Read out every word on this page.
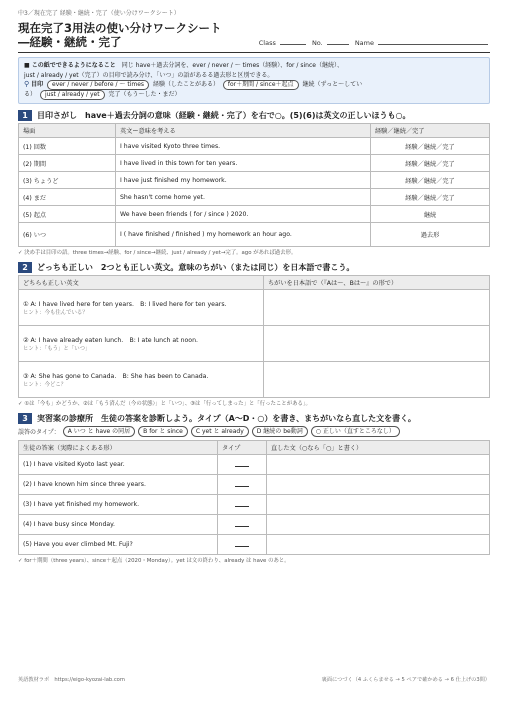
中3／現在完了 経験・継続・完了（使い分けワークシート）
現在完了3用法の使い分けワークシート
―経験・継続・完了	Class	No.	Name
■ この紙でできるようになること　 同じ have＋過去分詞を、ever / never / ～ times（経験）、for / since（継続）、
just / already / yet（完了）の目印で読み分け、「いつ」の語があるる過去形と区別できる。
⚲ 目印 ever / never / before / ～ times 経験（したことがある） for＋期間 / since＋起点 継続（ずっと～してい
る） just / already / yet 完了（もう～した・まだ）
1	目印さがし　have＋過去分詞の意味（経験・継続・完了）を右で○。(5)(6)は英文の正しいほうも○。
場面	英文ー意味を考える	経験／継続／完了
(1) 回数	I have visited Kyoto three times.	経験／継続／完了
(2) 期間	I have lived in this town for ten years.	経験／継続／完了
(3) ちょうど	I have just finished my homework.	経験／継続／完了
(4) まだ	She hasn't come home yet.	経験／継続／完了
(5) 起点	We have been friends ( for / since ) 2020.	継続
(6) いつ	I ( have finished / finished ) my homework an hour ago.	過去形
✓ 決め手は目印の語。three times→経験、for / since→継続、just / already / yet→完了。ago があれば過去形。
2	どっちも正しい　2つとも正しい英文。意味のちがい（または同じ）を日本語で書こう。
どちらも正しい英文	ちがいを日本語で（『Aは～、Bは～』の形で）

① A: I have lived here for ten years.　B: I lived here for ten years.
ヒント：今も住んでいる？	

② A: I have already eaten lunch.　B: I ate lunch at noon.
ヒント：「もう」と「いつ」	

③ A: She has gone to Canada.　B: She has been to Canada.
ヒント：今どこ？	

✓ ①は「今も」かどうか、②は「もう済んだ（今の状態）」と「いつ」、③は「行ってしまった」と「行ったことがある」。
3	実習案の診療所　生徒の答案を診断しよう。タイプ（A～D・○）を書き、まちがいなら直した文を書く。
誤答のタイプ：	A いつ と have の同居	B for と since	C yet と already	D 継続の be動詞	○ 正しい（直すところなし）
生徒の答案（実際によくある形）	タイプ	直した文（○なら「○」と書く）
(1) I have visited Kyoto last year.		
(2) I have known him since three years.		
(3) I have yet finished my homework.		
(4) I have busy since Monday.		
(5) Have you ever climbed Mt. Fuji?		
✓ for＋期間（three years）、since＋起点（2020・Monday）。yet は文の終わり、already は have のあと。
英語教材ラボ　https://eigo-kyozai-lab.com	裏面につづく（4 ふくらませる → 5 ペアで確かめる → 6 仕上げの3問）
